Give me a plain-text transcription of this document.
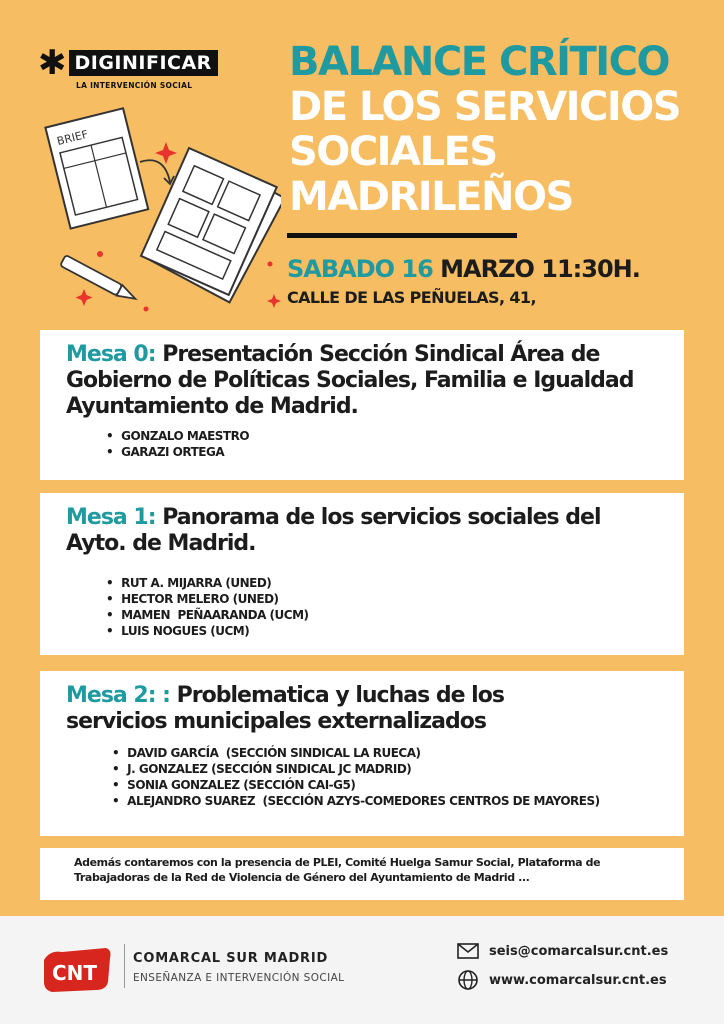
✱ DIGINIFICAR
LA INTERVENCIÓN SOCIAL
BRIEF
BALANCE CRÍTICO
DE LOS SERVICIOS
SOCIALES
MADRILEÑOS
SABADO 16 MARZO 11:30H.
CALLE DE LAS PEÑUELAS, 41,
Mesa 0: Presentación Sección Sindical Área de Gobierno de Políticas Sociales, Familia e Igualdad Ayuntamiento de Madrid.
• GONZALO MAESTRO
• GARAZI ORTEGA
Mesa 1: Panorama de los servicios sociales del Ayto. de Madrid.
• RUT A. MIJARRA (UNED)
• HECTOR MELERO (UNED)
• MAMEN  PEÑAARANDA (UCM)
• LUIS NOGUES (UCM)
Mesa 2: : Problematica y luchas de los servicios municipales externalizados
• DAVID GARCÍA  (SECCIÓN SINDICAL LA RUECA)
• J. GONZALEZ (SECCIÓN SINDICAL JC MADRID)
• SONIA GONZALEZ (SECCIÓN CAI-G5)
• ALEJANDRO SUAREZ  (SECCIÓN AZYS-COMEDORES CENTROS DE MAYORES)
Además contaremos con la presencia de PLEI, Comité Huelga Samur Social, Plataforma de Trabajadoras de la Red de Violencia de Género del Ayuntamiento de Madrid ...
CNT
COMARCAL SUR MADRID
ENSEÑANZA E INTERVENCIÓN SOCIAL
seis@comarcalsur.cnt.es
www.comarcalsur.cnt.es
